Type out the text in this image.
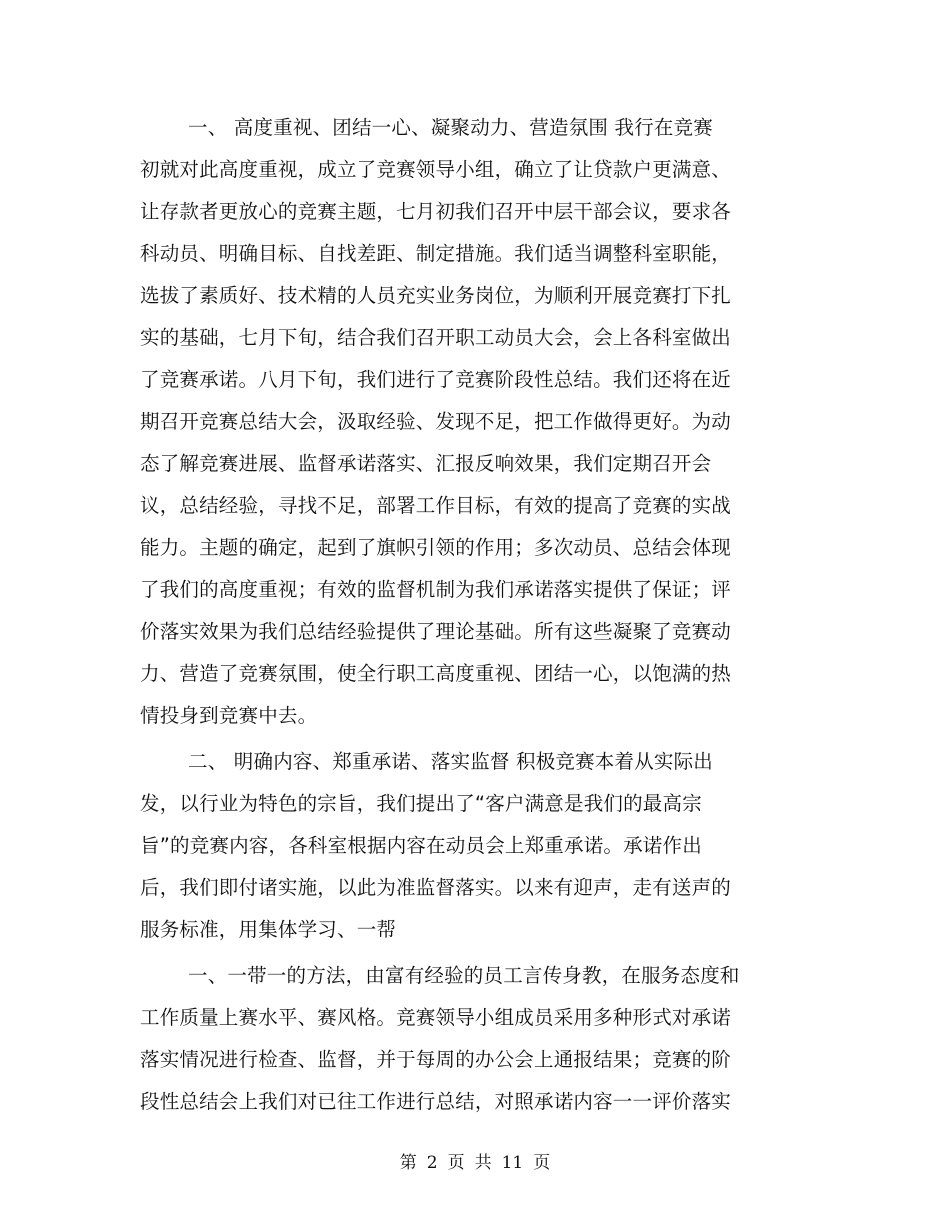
一、 高度重视、团结一心、凝聚动力、营造氛围 我行在竞赛
初就对此高度重视，成立了竞赛领导小组，确立了让贷款户更满意、
让存款者更放心的竞赛主题，七月初我们召开中层干部会议，要求各
科动员、明确目标、自找差距、制定措施。我们适当调整科室职能，
选拔了素质好、技术精的人员充实业务岗位，为顺利开展竞赛打下扎
实的基础，七月下旬，结合我们召开职工动员大会，会上各科室做出
了竞赛承诺。八月下旬，我们进行了竞赛阶段性总结。我们还将在近
期召开竞赛总结大会，汲取经验、发现不足，把工作做得更好。为动
态了解竞赛进展、监督承诺落实、汇报反响效果，我们定期召开会
议，总结经验，寻找不足，部署工作目标，有效的提高了竞赛的实战
能力。主题的确定，起到了旗帜引领的作用；多次动员、总结会体现
了我们的高度重视；有效的监督机制为我们承诺落实提供了保证；评
价落实效果为我们总结经验提供了理论基础。所有这些凝聚了竞赛动
力、营造了竞赛氛围，使全行职工高度重视、团结一心，以饱满的热
情投身到竞赛中去。
二、 明确内容、郑重承诺、落实监督 积极竞赛本着从实际出
发，以行业为特色的宗旨，我们提出了“客户满意是我们的最高宗
旨”的竞赛内容，各科室根据内容在动员会上郑重承诺。承诺作出
后，我们即付诸实施，以此为准监督落实。以来有迎声，走有送声的
服务标准，用集体学习、一帮
一、一带一的方法，由富有经验的员工言传身教，在服务态度和
工作质量上赛水平、赛风格。竞赛领导小组成员采用多种形式对承诺
落实情况进行检查、监督，并于每周的办公会上通报结果；竞赛的阶
段性总结会上我们对已往工作进行总结，对照承诺内容一一评价落实
第 2 页 共 11 页
